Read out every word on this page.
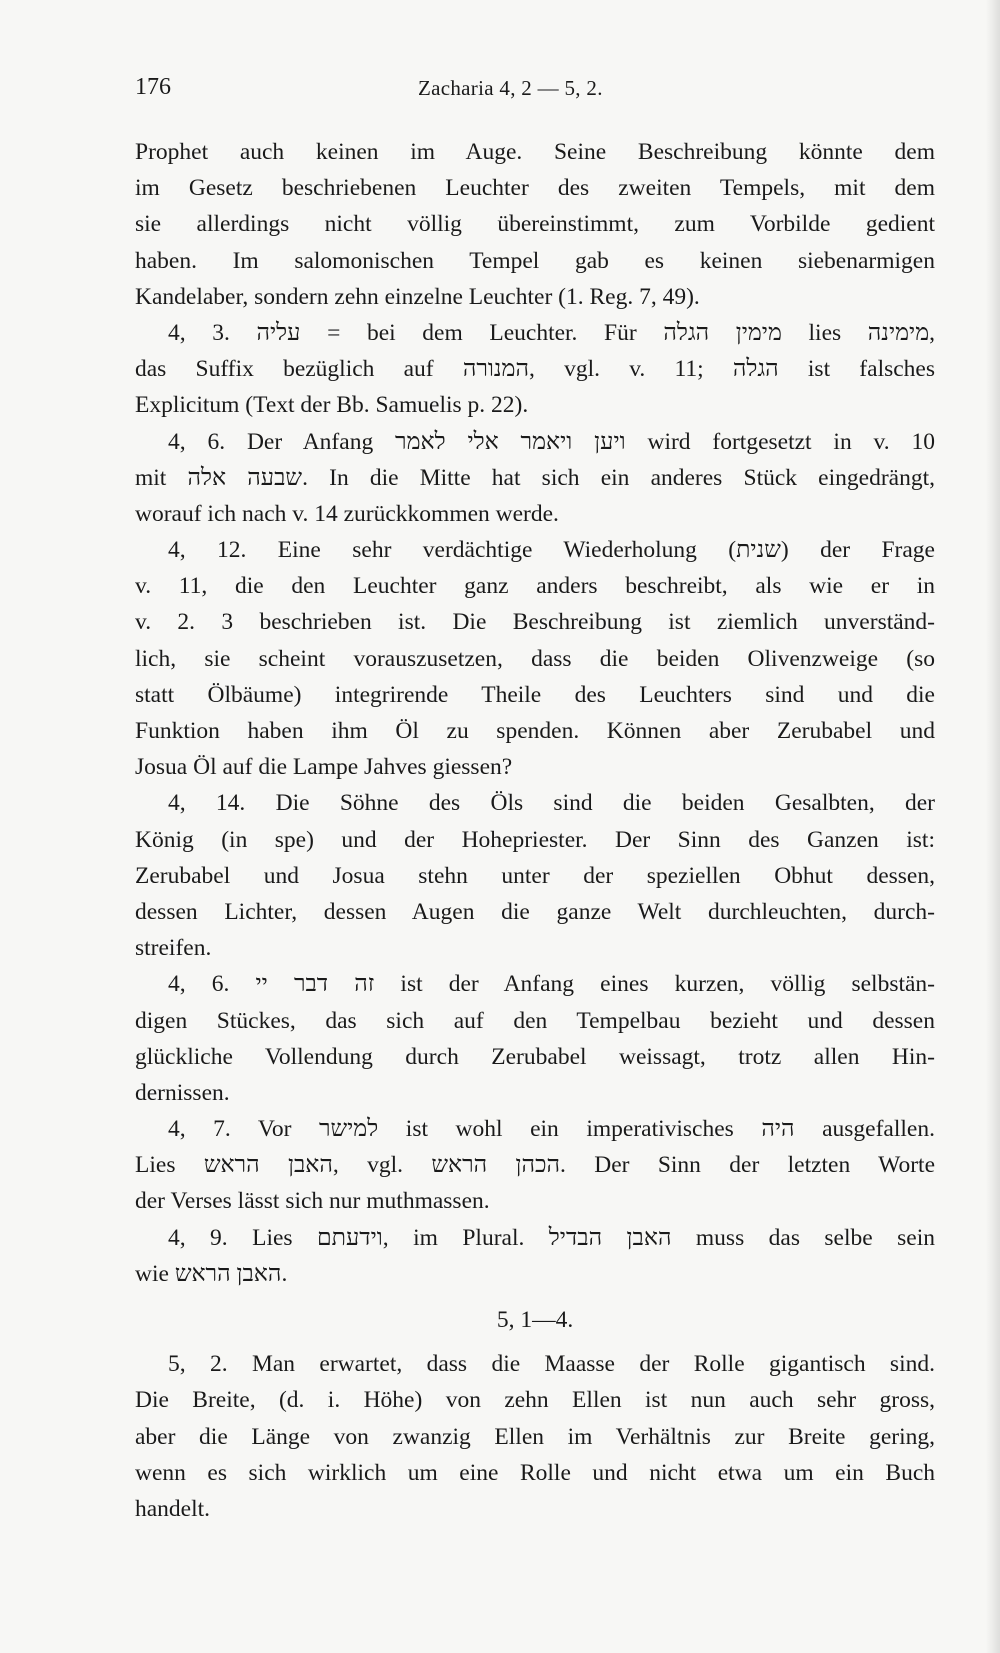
176	Zacharia 4, 2 — 5, 2.
Prophet auch keinen im Auge. Seine Beschreibung könnte dem
im Gesetz beschriebenen Leuchter des zweiten Tempels, mit dem
sie allerdings nicht völlig übereinstimmt, zum Vorbilde gedient
haben. Im salomonischen Tempel gab es keinen siebenarmigen
Kandelaber, sondern zehn einzelne Leuchter (1. Reg. 7, 49).
4, 3. עליה = bei dem Leuchter. Für מימין הגלה lies מימינה,
das Suffix bezüglich auf המנורה, vgl. v. 11; הגלה ist falsches
Explicitum (Text der Bb. Samuelis p. 22).
4, 6. Der Anfang ויען ויאמר אלי לאמר wird fortgesetzt in v. 10
mit שבעה אלה. In die Mitte hat sich ein anderes Stück eingedrängt,
worauf ich nach v. 14 zurückkommen werde.
4, 12. Eine sehr verdächtige Wiederholung (שנית) der Frage
v. 11, die den Leuchter ganz anders beschreibt, als wie er in
v. 2. 3 beschrieben ist. Die Beschreibung ist ziemlich unverständ-
lich, sie scheint vorauszusetzen, dass die beiden Olivenzweige (so
statt Ölbäume) integrirende Theile des Leuchters sind und die
Funktion haben ihm Öl zu spenden. Können aber Zerubabel und
Josua Öl auf die Lampe Jahves giessen?
4, 14. Die Söhne des Öls sind die beiden Gesalbten, der
König (in spe) und der Hohepriester. Der Sinn des Ganzen ist:
Zerubabel und Josua stehn unter der speziellen Obhut dessen,
dessen Lichter, dessen Augen die ganze Welt durchleuchten, durch-
streifen.
4, 6. זה דבר יי ist der Anfang eines kurzen, völlig selbstän-
digen Stückes, das sich auf den Tempelbau bezieht und dessen
glückliche Vollendung durch Zerubabel weissagt, trotz allen Hin-
dernissen.
4, 7. Vor למישר ist wohl ein imperativisches היה ausgefallen.
Lies האבן הראש, vgl. הכהן הראש. Der Sinn der letzten Worte
der Verses lässt sich nur muthmassen.
4, 9. Lies וידעתם, im Plural. האבן הבדיל muss das selbe sein
wie האבן הראש.
5, 1—4.
5, 2. Man erwartet, dass die Maasse der Rolle gigantisch sind.
Die Breite, (d. i. Höhe) von zehn Ellen ist nun auch sehr gross,
aber die Länge von zwanzig Ellen im Verhältnis zur Breite gering,
wenn es sich wirklich um eine Rolle und nicht etwa um ein Buch
handelt.
